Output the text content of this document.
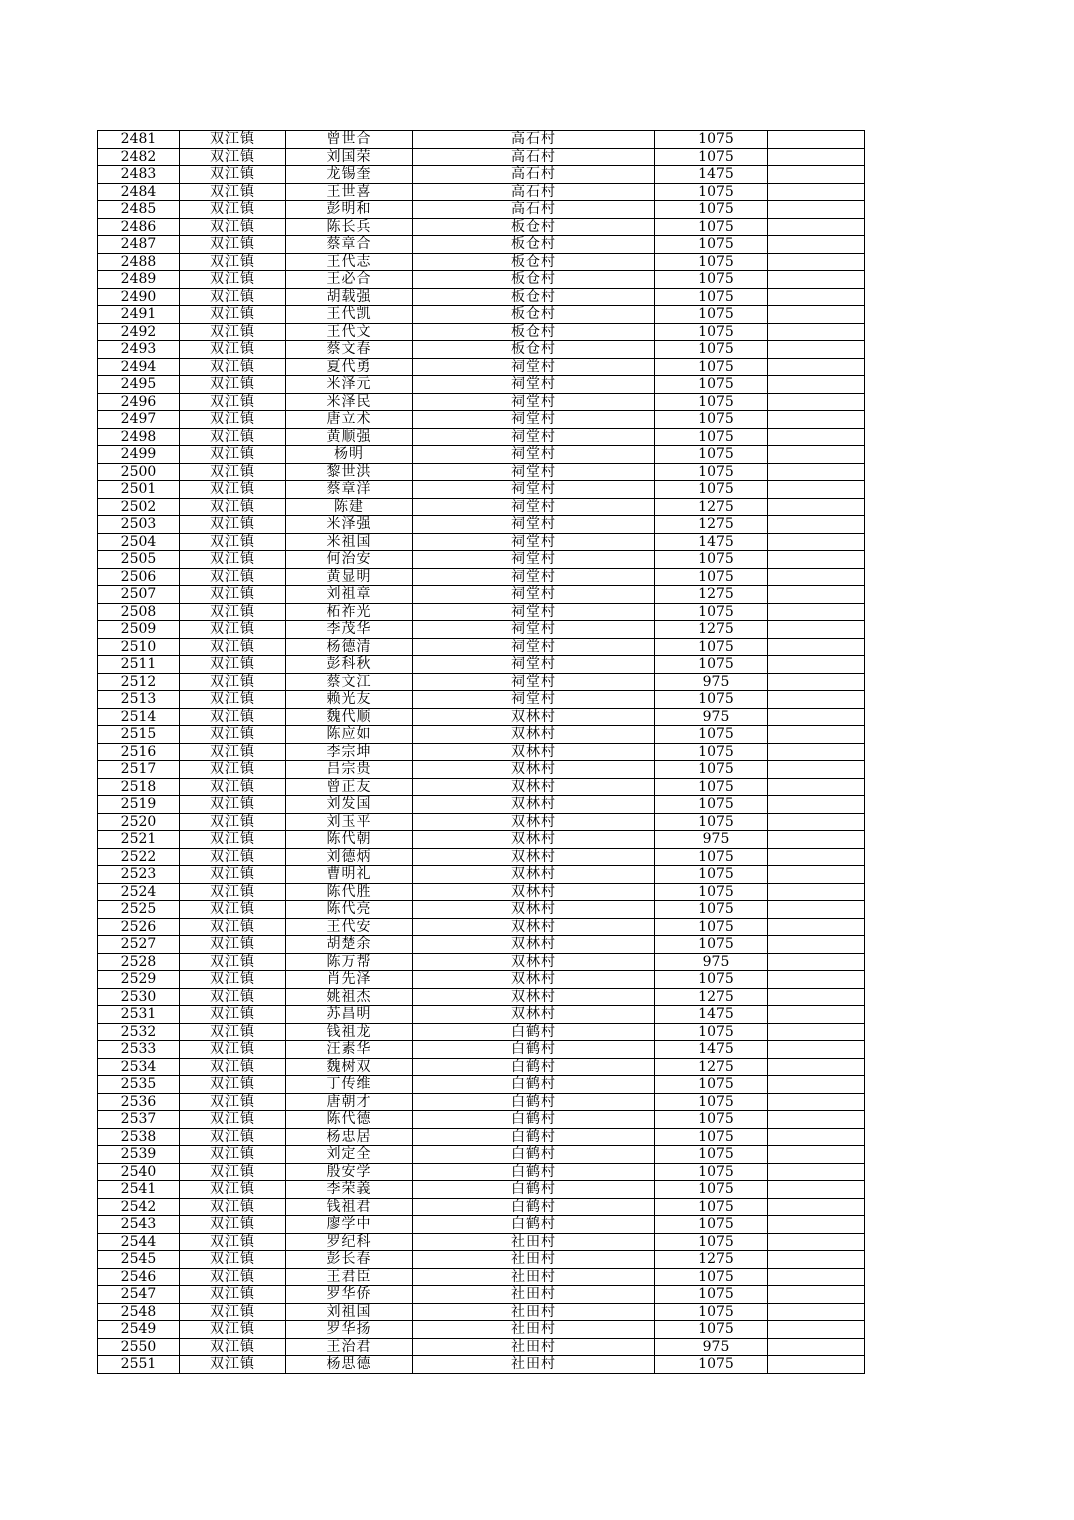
2481	双江镇	曾世合	高石村	1075	
2482	双江镇	刘国荣	高石村	1075	
2483	双江镇	龙锡奎	高石村	1475	
2484	双江镇	王世喜	高石村	1075	
2485	双江镇	彭明和	高石村	1075	
2486	双江镇	陈长兵	板仓村	1075	
2487	双江镇	蔡章合	板仓村	1075	
2488	双江镇	王代志	板仓村	1075	
2489	双江镇	王必合	板仓村	1075	
2490	双江镇	胡载强	板仓村	1075	
2491	双江镇	王代凯	板仓村	1075	
2492	双江镇	王代文	板仓村	1075	
2493	双江镇	蔡文春	板仓村	1075	
2494	双江镇	夏代勇	祠堂村	1075	
2495	双江镇	米泽元	祠堂村	1075	
2496	双江镇	米泽民	祠堂村	1075	
2497	双江镇	唐立术	祠堂村	1075	
2498	双江镇	黄顺强	祠堂村	1075	
2499	双江镇	杨明	祠堂村	1075	
2500	双江镇	黎世洪	祠堂村	1075	
2501	双江镇	蔡章洋	祠堂村	1075	
2502	双江镇	陈建	祠堂村	1275	
2503	双江镇	米泽强	祠堂村	1275	
2504	双江镇	米祖国	祠堂村	1475	
2505	双江镇	何治安	祠堂村	1075	
2506	双江镇	黄显明	祠堂村	1075	
2507	双江镇	刘祖章	祠堂村	1275	
2508	双江镇	柘祚光	祠堂村	1075	
2509	双江镇	李茂华	祠堂村	1275	
2510	双江镇	杨德清	祠堂村	1075	
2511	双江镇	彭科秋	祠堂村	1075	
2512	双江镇	蔡文江	祠堂村	975	
2513	双江镇	赖光友	祠堂村	1075	
2514	双江镇	魏代顺	双林村	975	
2515	双江镇	陈应如	双林村	1075	
2516	双江镇	李宗坤	双林村	1075	
2517	双江镇	吕宗贵	双林村	1075	
2518	双江镇	曾正友	双林村	1075	
2519	双江镇	刘发国	双林村	1075	
2520	双江镇	刘玉平	双林村	1075	
2521	双江镇	陈代朝	双林村	975	
2522	双江镇	刘德炳	双林村	1075	
2523	双江镇	曹明礼	双林村	1075	
2524	双江镇	陈代胜	双林村	1075	
2525	双江镇	陈代亮	双林村	1075	
2526	双江镇	王代安	双林村	1075	
2527	双江镇	胡楚余	双林村	1075	
2528	双江镇	陈万帮	双林村	975	
2529	双江镇	肖先泽	双林村	1075	
2530	双江镇	姚祖杰	双林村	1275	
2531	双江镇	苏昌明	双林村	1475	
2532	双江镇	钱祖龙	白鹤村	1075	
2533	双江镇	汪素华	白鹤村	1475	
2534	双江镇	魏树双	白鹤村	1275	
2535	双江镇	丁传维	白鹤村	1075	
2536	双江镇	唐朝才	白鹤村	1075	
2537	双江镇	陈代德	白鹤村	1075	
2538	双江镇	杨忠居	白鹤村	1075	
2539	双江镇	刘定全	白鹤村	1075	
2540	双江镇	殷安学	白鹤村	1075	
2541	双江镇	李荣義	白鹤村	1075	
2542	双江镇	钱祖君	白鹤村	1075	
2543	双江镇	廖学中	白鹤村	1075	
2544	双江镇	罗纪科	社田村	1075	
2545	双江镇	彭长春	社田村	1275	
2546	双江镇	王君臣	社田村	1075	
2547	双江镇	罗华侨	社田村	1075	
2548	双江镇	刘祖国	社田村	1075	
2549	双江镇	罗华扬	社田村	1075	
2550	双江镇	王治君	社田村	975	
2551	双江镇	杨思德	社田村	1075	
